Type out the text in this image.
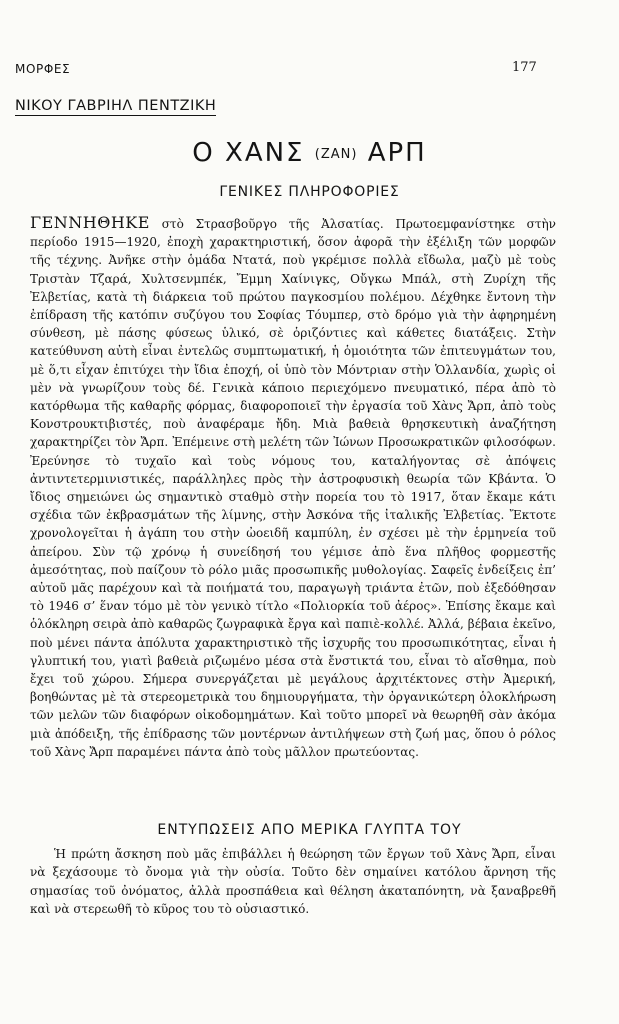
ΜΟΡΦΕΣ	177
ΝΙΚΟΥ ΓΑΒΡΙΗΛ ΠΕΝΤΖΙΚΗ
Ο ΧΑΝΣ (ΖΑΝ) ΑΡΠ
ΓΕΝΙΚΕΣ ΠΛΗΡΟΦΟΡΙΕΣ

ΓΕΝΝΗΘΗΚΕ στὸ Στρασβοῦργο τῆς Ἀλσατίας. Πρωτοεμφανίστηκε στὴν περίοδο 1915—1920, ἐποχὴ χαρακτηριστική, ὅσον ἀφορᾶ τὴν ἐξέλιξη τῶν μορφῶν τῆς τέχνης. Ἀνῆκε στὴν ὁμάδα Ντατά, ποὺ γκρέμισε πολλὰ εἴδωλα, μαζὺ μὲ τοὺς Τριστὰν Τζαρά, Χυλτσενμπέκ, Ἔμμη Χαίνιγκς, Οὔγκω Μπάλ, στὴ Ζυρίχη τῆς Ἐλβετίας, κατὰ τὴ διάρκεια τοῦ πρώτου παγκοσμίου πολέμου. Δέχθηκε ἔντονη τὴν ἐπίδραση τῆς κατόπιν συζύγου του Σοφίας Τόυμπερ, στὸ δρόμο γιὰ τὴν ἀφηρημένη σύνθεση, μὲ πάσης φύσεως ὑλικό, σὲ ὁριζόντιες καὶ κάθετες διατάξεις. Στὴν κατεύθυνση αὐτὴ εἶναι ἐντελῶς συμπτωματική, ἡ ὁμοιότητα τῶν ἐπιτευγμάτων του, μὲ ὅ,τι εἶχαν ἐπιτύχει τὴν ἴδια ἐποχή, οἱ ὑπὸ τὸν Μόντριαν στὴν Ὁλλανδία, χωρὶς οἱ μὲν νὰ γνωρίζουν τοὺς δέ. Γενικὰ κάποιο περιεχόμενο πνευματικό, πέρα ἀπὸ τὸ κατόρθωμα τῆς καθαρῆς φόρμας, διαφοροποιεῖ τὴν ἐργασία τοῦ Χὰνς Ἄρπ, ἀπὸ τοὺς Κονστρουκτιβιστές, ποὺ ἀναφέραμε ἤδη. Μιὰ βαθειὰ θρησκευτικὴ ἀναζήτηση χαρακτηρίζει τὸν Ἄρπ. Ἐπέμεινε στὴ μελέτη τῶν Ἰώνων Προσωκρατικῶν φιλοσόφων. Ἐρεύνησε τὸ τυχαῖο καὶ τοὺς νόμους του, καταλήγοντας σὲ ἀπόψεις ἀντιντετερμινιστικές, παράλληλες πρὸς τὴν ἀστροφυσικὴ θεωρία τῶν Κβάντα. Ὁ ἴδιος σημειώνει ὡς σημαντικὸ σταθμὸ στὴν πορεία του τὸ 1917, ὅταν ἔκαμε κάτι σχέδια τῶν ἐκβρασμάτων τῆς λίμνης, στὴν Ἀσκόνα τῆς ἰταλικῆς Ἐλβετίας. Ἔκτοτε χρονολογεῖται ἡ ἀγάπη του στὴν ὠοειδῆ καμπύλη, ἐν σχέσει μὲ τὴν ἑρμηνεία τοῦ ἀπείρου. Σὺν τῷ χρόνῳ ἡ συνείδησή του γέμισε ἀπὸ ἕνα πλῆθος φορμεστῆς ἀμεσότητας, ποὺ παίζουν τὸ ρόλο μιᾶς προσωπικῆς μυθολογίας. Σαφεῖς ἐνδείξεις ἐπ’ αὐτοῦ μᾶς παρέχουν καὶ τὰ ποιήματά του, παραγωγὴ τριάντα ἐτῶν, ποὺ ἐξεδόθησαν τὸ 1946 σ’ ἕναν τόμο μὲ τὸν γενικὸ τίτλο «Πολιορκία τοῦ ἀέρος». Ἐπίσης ἔκαμε καὶ ὁλόκληρη σειρὰ ἀπὸ καθαρῶς ζωγραφικὰ ἔργα καὶ παπιὲ-κολλέ. Ἀλλά, βέβαια ἐκεῖνο, ποὺ μένει πάντα ἀπόλυτα χαρακτηριστικὸ τῆς ἰσχυρῆς του προσωπικότητας, εἶναι ἡ γλυπτική του, γιατὶ βαθειὰ ριζωμένο μέσα στὰ ἔνστικτά του, εἶναι τὸ αἴσθημα, ποὺ ἔχει τοῦ χώρου. Σήμερα συνεργάζεται μὲ μεγάλους ἀρχιτέκτονες στὴν Ἀμερική, βοηθώντας μὲ τὰ στερεομετρικὰ του δημιουργήματα, τὴν ὀργανικώτερη ὁλοκλήρωση τῶν μελῶν τῶν διαφόρων οἰκοδομημάτων. Καὶ τοῦτο μπορεῖ νὰ θεωρηθῆ σὰν ἀκόμα μιὰ ἀπόδειξη, τῆς ἐπίδρασης τῶν μοντέρνων ἀντιλήψεων στὴ ζωή μας, ὅπου ὁ ρόλος τοῦ Χὰνς Ἄρπ παραμένει πάντα ἀπὸ τοὺς μᾶλλον πρωτεύοντας.

ΕΝΤΥΠΩΣΕΙΣ ΑΠΟ ΜΕΡΙΚΑ ΓΛΥΠΤΑ ΤΟΥ
Ἡ πρώτη ἄσκηση ποὺ μᾶς ἐπιβάλλει ἡ θεώρηση τῶν ἔργων τοῦ Χὰνς Ἄρπ, εἶναι νὰ ξεχάσουμε τὸ ὄνομα γιὰ τὴν οὐσία. Τοῦτο δὲν σημαίνει κατόλου ἄρνηση τῆς σημασίας τοῦ ὀνόματος, ἀλλὰ προσπάθεια καὶ θέληση ἀκαταπόνητη, νὰ ξαναβρεθῆ καὶ νὰ στερεωθῆ τὸ κῦρος του τὸ οὐσιαστικό.
